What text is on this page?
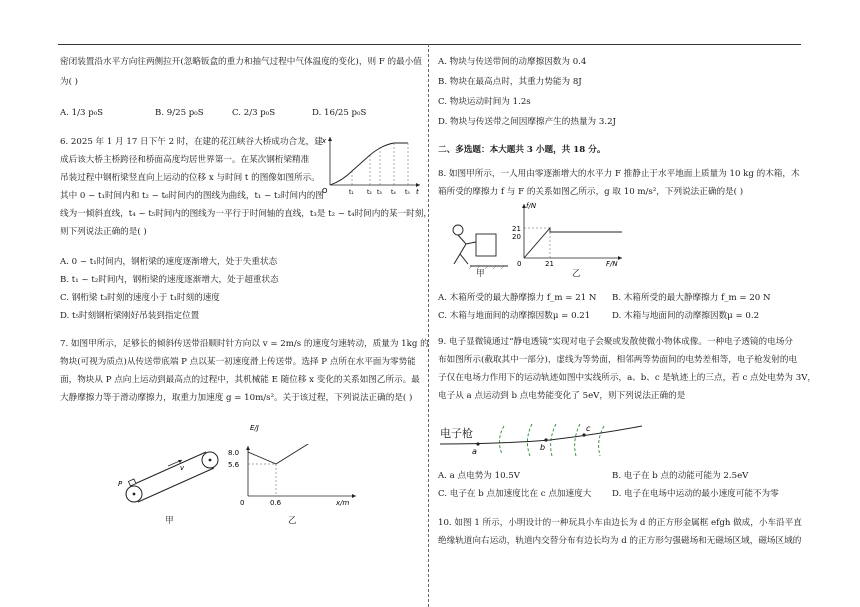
密闭装置沿水平方向往两侧拉开(忽略钣盒的重力和抽气过程中气体温度的变化)，则 F 的最小值
为( )
A. 1/3 p₀S	B. 9/25 p₀S	C. 2/3 p₀S	D. 16/25 p₀S
6. 2025 年 1 月 17 日下午 2 时，在建的花江峡谷大桥成功合龙，建
成后该大桥主桥跨径和桥面高度均居世界第一。在某次钢桁梁精准
吊装过程中钢桁梁竖直向上运动的位移 x 与时间 t 的图像如图所示。
其中 0 ~ t₁时间内和 t₂ ~ t₆时间内的图线为曲线，t₁ ~ t₂时间内的图
线为一倾斜直线，t₄ ~ t₅时间内的图线为一平行于时间轴的直线，t₃是 t₂ ~ t₄时间内的某一时刻，
则下列说法正确的是( )
A. 0 ~ t₁时间内，钢桁梁的速度逐渐增大，处于失重状态
B. t₁ ~ t₂时间内，钢桁梁的速度逐渐增大，处于超重状态
C. 钢桁梁 t₃时刻的速度小于 t₁时刻的速度
D. t₅时刻钢桁梁刚好吊装到指定位置
7. 如图甲所示，足够长的倾斜传送带沿顺时针方向以 v = 2m/s 的速度匀速转动，质量为 1kg 的
物块(可视为质点)从传送带底端 P 点以某一初速度滑上传送带。选择 P 点所在水平面为零势能
面，物块从 P 点向上运动到最高点的过程中，其机械能 E 随位移 x 变化的关系如图乙所示。最
大静摩擦力等于滑动摩擦力，取重力加速度 g = 10m/s²。关于该过程，下列说法正确的是( )
O
x
t
t₁ t₂ t₃ t₄ t₅
P
v
甲
8.0
5.6
0.6
0	x/m
E/J
乙
A. 物块与传送带间的动摩擦因数为 0.4
B. 物块在最高点时，其重力势能为 8J
C. 物块运动时间为 1.2s
D. 物块与传送带之间因摩擦产生的热量为 3.2J
二、多选题：本大题共 3 小题，共 18 分。
8. 如图甲所示，一人用由零逐渐增大的水平力 F 推静止于水平地面上质量为 10 kg 的木箱，木
箱所受的摩擦力 f 与 F 的关系如图乙所示，g 取 10 m/s²，下列说法正确的是( )
A. 木箱所受的最大静摩擦力 f_m = 21 N B. 木箱所受的最大静摩擦力 f_m = 20 N
C. 木箱与地面间的动摩擦因数μ = 0.21	D. 木箱与地面间的动摩擦因数μ = 0.2
9. 电子显微镜通过“静电透镜”实现对电子会聚或发散使微小物体成像。一种电子透镜的电场分
布如图所示(截取其中一部分)，虚线为等势面，相邻两等势面间的电势差相等，电子枪发射的电
子仅在电场力作用下的运动轨迹如图中实线所示，a、b、c 是轨迹上的三点，若 c 点处电势为 3V，
电子从 a 点运动到 b 点电势能变化了 5eV，则下列说法正确的是
A. a 点电势为 10.5V	B. 电子在 b 点的动能可能为 2.5eV
C. 电子在 b 点加速度比在 c 点加速度大 D. 电子在电场中运动的最小速度可能不为零
10. 如图 1 所示，小明设计的一种玩具小车由边长为 d 的正方形金属框 efgh 做成，小车沿平直
绝缘轨道向右运动，轨道内交替分布有边长均为 d 的正方形匀强磁场和无磁场区域，磁场区域的
甲
21
20
21
0
f/N
F/N
乙
电子枪
a	b
c
